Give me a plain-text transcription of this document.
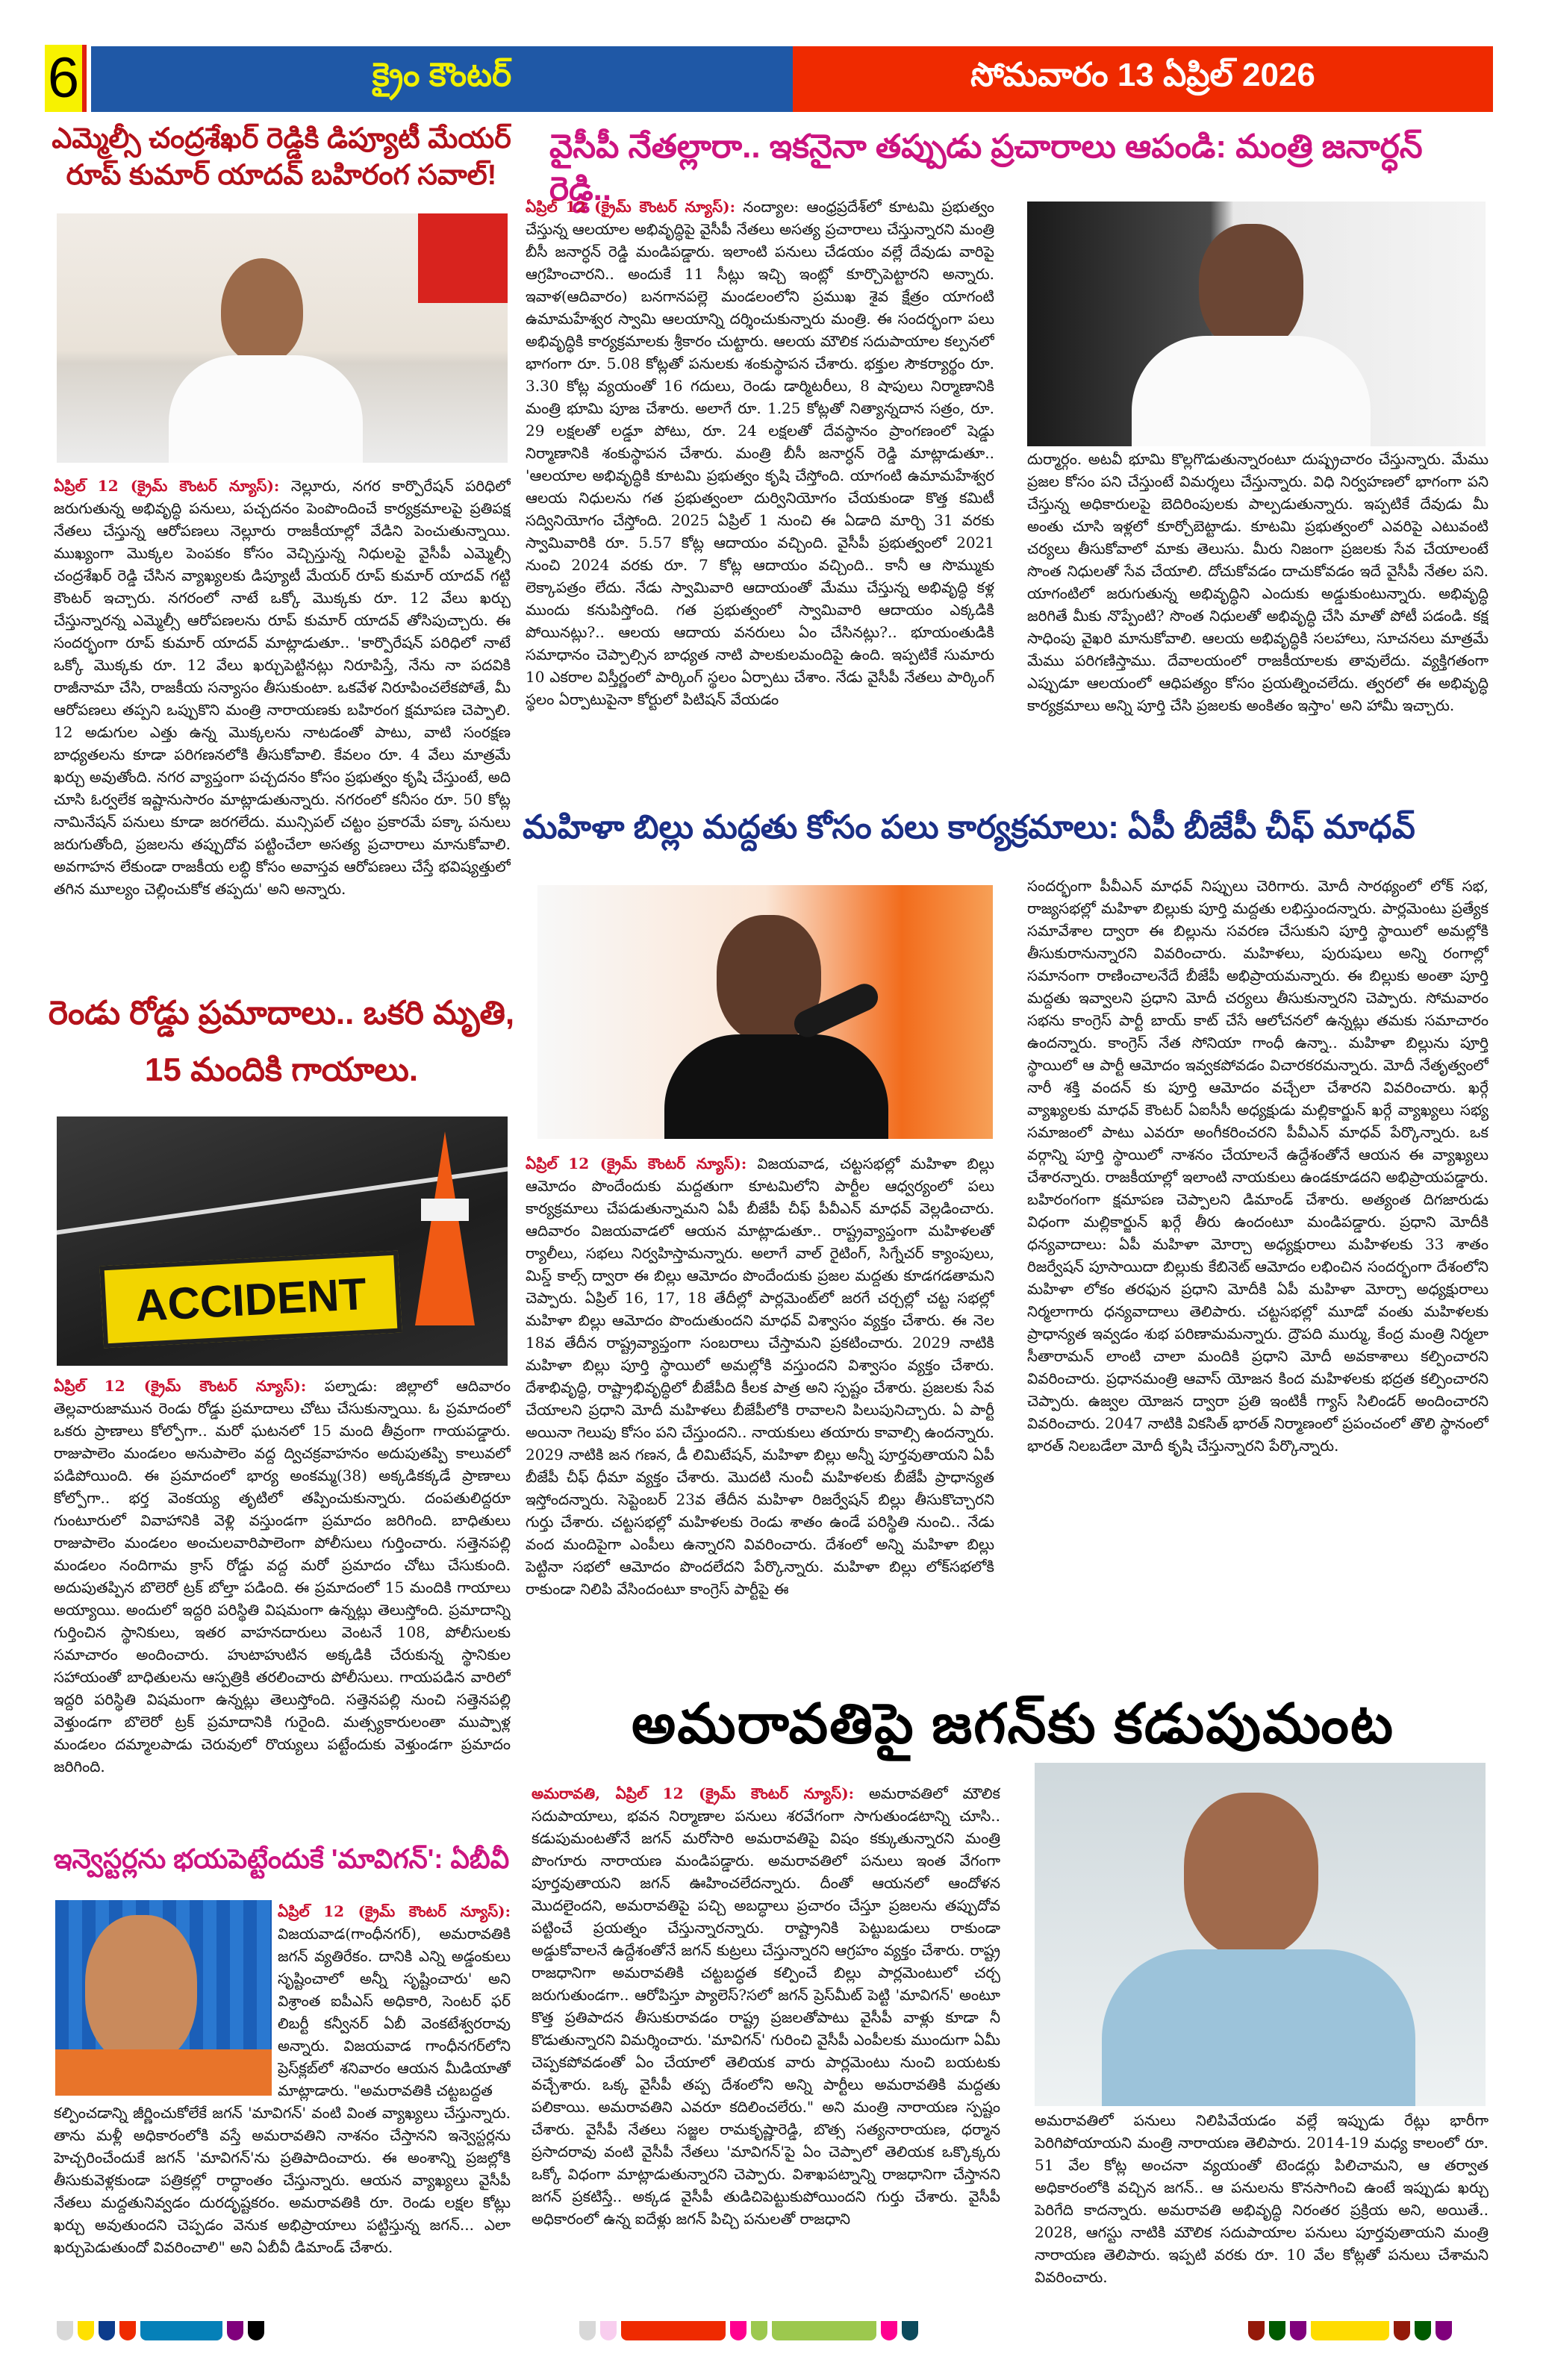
6	క్రైం కౌంటర్	సోమవారం 13 ఏప్రిల్ 2026
ఎమ్మెల్సీ చంద్రశేఖర్ రెడ్డికి డిప్యూటీ మేయర్ రూప్ కుమార్ యాదవ్ బహిరంగ సవాల్!

ఏప్రిల్ 12 (క్రైమ్ కౌంటర్ న్యూస్): నెల్లూరు, నగర కార్పొరేషన్ పరిధిలో జరుగుతున్న అభివృద్ధి పనులు, పచ్చదనం పెంపొందించే కార్యక్రమాలపై ప్రతిపక్ష నేతలు చేస్తున్న ఆరోపణలు నెల్లూరు రాజకీయాల్లో వేడిని పెంచుతున్నాయి. ముఖ్యంగా మొక్కల పెంపకం కోసం వెచ్చిస్తున్న నిధులపై వైసీపీ ఎమ్మెల్సీ చంద్రశేఖర్ రెడ్డి చేసిన వ్యాఖ్యలకు డిప్యూటీ మేయర్ రూప్ కుమార్ యాదవ్ గట్టి కౌంటర్ ఇచ్చారు. నగరంలో నాటే ఒక్కో మొక్కకు రూ. 12 వేలు ఖర్చు చేస్తున్నారన్న ఎమ్మెల్సీ ఆరోపణలను రూప్ కుమార్ యాదవ్ తోసిపుచ్చారు. ఈ సందర్భంగా రూప్ కుమార్ యాదవ్ మాట్లాడుతూ.. 'కార్పొరేషన్ పరిధిలో నాటే ఒక్కో మొక్కకు రూ. 12 వేలు ఖర్చుపెట్టినట్లు నిరూపిస్తే, నేను నా పదవికి రాజీనామా చేసి, రాజకీయ సన్యాసం తీసుకుంటా. ఒకవేళ నిరూపించలేకపోతే, మీ ఆరోపణలు తప్పని ఒప్పుకొని మంత్రి నారాయణకు బహిరంగ క్షమాపణ చెప్పాలి. 12 అడుగుల ఎత్తు ఉన్న మొక్కలను నాటడంతో పాటు, వాటి సంరక్షణ బాధ్యతలను కూడా పరిగణనలోకి తీసుకోవాలి. కేవలం రూ. 4 వేలు మాత్రమే ఖర్చు అవుతోంది. నగర వ్యాప్తంగా పచ్చదనం కోసం ప్రభుత్వం కృషి చేస్తుంటే, అది చూసి ఓర్వలేక ఇష్టానుసారం మాట్లాడుతున్నారు. నగరంలో కనీసం రూ. 50 కోట్ల నామినేషన్ పనులు కూడా జరగలేదు. మున్సిపల్ చట్టం ప్రకారమే పక్కా పనులు జరుగుతోంది, ప్రజలను తప్పుదోవ పట్టించేలా అసత్య ప్రచారాలు మానుకోవాలి. అవగాహన లేకుండా రాజకీయ లబ్ధి కోసం అవాస్తవ ఆరోపణలు చేస్తే భవిష్యత్తులో తగిన మూల్యం చెల్లించుకోక తప్పదు' అని అన్నారు.

రెండు రోడ్డు ప్రమాదాలు.. ఒకరి మృతి, 15 మందికి గాయాలు.
ACCIDENT

ఏప్రిల్ 12 (క్రైమ్ కౌంటర్ న్యూస్): పల్నాడు: జిల్లాలో ఆదివారం తెల్లవారుజామున రెండు రోడ్డు ప్రమాదాలు చోటు చేసుకున్నాయి. ఓ ప్రమాదంలో ఒకరు ప్రాణాలు కోల్పోగా.. మరో ఘటనలో 15 మంది తీవ్రంగా గాయపడ్డారు. రాజుపాలెం మండలం అనుపాలెం వద్ద ద్విచక్రవాహనం అదుపుతప్పి కాలువలో పడిపోయింది. ఈ ప్రమాదంలో భార్య అంకమ్మ(38) అక్కడికక్కడే ప్రాణాలు కోల్పోగా.. భర్త వెంకయ్య తృటిలో తప్పించుకున్నారు. దంపతులిద్దరూ గుంటూరులో వివాహానికి వెళ్లి వస్తుండగా ప్రమాదం జరిగింది. బాధితులు రాజుపాలెం మండలం అంచులవారిపాలెంగా పోలీసులు గుర్తించారు. సత్తెనపల్లి మండలం నందిగామ క్రాస్ రోడ్డు వద్ద మరో ప్రమాదం చోటు చేసుకుంది. అదుపుతప్పిన బొలెరో ట్రక్ బోల్తా పడింది. ఈ ప్రమాదంలో 15 మందికి గాయాలు అయ్యాయి. అందులో ఇద్దరి పరిస్థితి విషమంగా ఉన్నట్లు తెలుస్తోంది. ప్రమాదాన్ని గుర్తించిన స్థానికులు, ఇతర వాహనదారులు వెంటనే 108, పోలీసులకు సమాచారం అందించారు. హుటాహుటిన అక్కడికి చేరుకున్న స్థానికుల సహాయంతో బాధితులను ఆస్పత్రికి తరలించారు పోలీసులు. గాయపడిన వారిలో ఇద్దరి పరిస్థితి విషమంగా ఉన్నట్లు తెలుస్తోంది. సత్తెనపల్లి నుంచి సత్తెనపల్లి వెళ్తుండగా బొలెరో ట్రక్ ప్రమాదానికి గురైంది. మత్స్యకారులంతా ముప్పాళ్ల మండలం దమ్మాలపాడు చెరువులో రొయ్యలు పట్టేందుకు వెళ్తుండగా ప్రమాదం జరిగింది.

ఇన్వెస్టర్లను భయపెట్టేందుకే 'మావిగన్': ఏబీవీ

ఏప్రిల్ 12 (క్రైమ్ కౌంటర్ న్యూస్): విజయవాడ(గాంధీనగర్), అమరావతికి జగన్ వ్యతిరేకం. దానికి ఎన్ని అడ్డంకులు సృష్టించాలో అన్నీ సృష్టించారు' అని విశ్రాంత ఐపీఎస్ అధికారి, సెంటర్ ఫర్ లిబర్టీ కన్వీనర్ ఏబీ వెంకటేశ్వరరావు అన్నారు. విజయవాడ గాంధీనగర్‌లోని ప్రెస్‌క్లబ్‌లో శనివారం ఆయన మీడియాతో మాట్లాడారు. "అమరావతికి చట్టబద్ధత

కల్పించడాన్ని జీర్ణించుకోలేకే జగన్ 'మావిగన్' వంటి వింత వ్యాఖ్యలు చేస్తున్నారు. తాను మళ్లీ అధికారంలోకి వస్తే అమరావతిని నాశనం చేస్తానని ఇన్వెస్టర్లను హెచ్చరించేందుకే జగన్ 'మావిగన్'ను ప్రతిపాదించారు. ఈ అంశాన్ని ప్రజల్లోకి తీసుకువెళ్లకుండా పత్రికల్లో రాద్ధాంతం చేస్తున్నారు. ఆయన వ్యాఖ్యలు వైసీపీ నేతలు మద్దతునివ్వడం దురదృష్టకరం. అమరావతికి రూ. రెండు లక్షల కోట్లు ఖర్చు అవుతుందని చెప్పడం వెనుక అభిప్రాయాలు పట్టిస్తున్న జగన్... ఎలా ఖర్చుపెడుతుందో వివరించాలి" అని ఏబీవీ డిమాండ్ చేశారు.

వైసీపీ నేతల్లారా.. ఇకనైనా తప్పుడు ప్రచారాలు ఆపండి: మంత్రి జనార్ధన్ రెడ్డి..

ఏప్రిల్ 12 (క్రైమ్ కౌంటర్ న్యూస్): నంద్యాల: ఆంధ్రప్రదేశ్‌లో కూటమి ప్రభుత్వం చేస్తున్న ఆలయాల అభివృద్ధిపై వైసీపీ నేతలు అసత్య ప్రచారాలు చేస్తున్నారని మంత్రి బీసీ జనార్ధన్ రెడ్డి మండిపడ్డారు. ఇలాంటి పనులు చేడయం వల్లే దేవుడు వారిపై ఆగ్రహించారని.. అందుకే 11 సీట్లు ఇచ్చి ఇంట్లో కూర్చొపెట్టారని అన్నారు. ఇవాళ(ఆదివారం) బనగానపల్లె మండలంలోని ప్రముఖ శైవ క్షేత్రం యాగంటి ఉమామహేశ్వర స్వామి ఆలయాన్ని దర్శించుకున్నారు మంత్రి. ఈ సందర్భంగా పలు అభివృద్ధికి కార్యక్రమాలకు శ్రీకారం చుట్టారు. ఆలయ మౌలిక సదుపాయాల కల్పనలో భాగంగా రూ. 5.08 కోట్లతో పనులకు శంకుస్థాపన చేశారు. భక్తుల సౌకర్యార్థం రూ. 3.30 కోట్ల వ్యయంతో 16 గదులు, రెండు డార్మిటరీలు, 8 షాపులు నిర్మాణానికి మంత్రి భూమి పూజ చేశారు. అలాగే రూ. 1.25 కోట్లతో నిత్యాన్నదాన సత్రం, రూ. 29 లక్షలతో లడ్డూ పోటు, రూ. 24 లక్షలతో దేవస్థానం ప్రాంగణంలో షెడ్డు నిర్మాణానికి శంకుస్థాపన చేశారు. మంత్రి బీసీ జనార్ధన్ రెడ్డి మాట్లాడుతూ.. 'ఆలయాల అభివృద్ధికి కూటమి ప్రభుత్వం కృషి చేస్తోంది. యాగంటి ఉమామహేశ్వర ఆలయ నిధులను గత ప్రభుత్వంలా దుర్వినియోగం చేయకుండా కొత్త కమిటీ సద్వినియోగం చేస్తోంది. 2025 ఏప్రిల్ 1 నుంచి ఈ ఏడాది మార్చి 31 వరకు స్వామివారికి రూ. 5.57 కోట్ల ఆదాయం వచ్చింది. వైసీపీ ప్రభుత్వంలో 2021 నుంచి 2024 వరకు రూ. 7 కోట్ల ఆదాయం వచ్చింది.. కానీ ఆ సొమ్ముకు లెక్కాపత్రం లేదు. నేడు స్వామివారి ఆదాయంతో మేము చేస్తున్న అభివృద్ధి కళ్ల ముందు కనుపిస్తోంది. గత ప్రభుత్వంలో స్వామివారి ఆదాయం ఎక్కడికి పోయినట్లు?.. ఆలయ ఆదాయ వనరులు ఏం చేసినట్లు?.. భూయంతుడికి సమాధానం చెప్పాల్సిన బాధ్యత నాటి పాలకులమందిపై ఉంది. ఇప్పటికే సుమారు 10 ఎకరాల విస్తీర్ణంలో పార్కింగ్ స్థలం ఏర్పాటు చేశాం. నేడు వైసీపీ నేతలు పార్కింగ్ స్థలం ఏర్పాటుపైనా కోర్టులో పిటిషన్ వేయడం

దుర్మార్గం. అటవీ భూమి కొల్లగొడుతున్నారంటూ దుష్ప్రచారం చేస్తున్నారు. మేము ప్రజల కోసం పని చేస్తుంటే విమర్శలు చేస్తున్నారు. విధి నిర్వహణలో భాగంగా పని చేస్తున్న అధికారులపై బెదిరింపులకు పాల్పడుతున్నారు. ఇప్పటికే దేవుడు మీ అంతు చూసి ఇళ్లలో కూర్చోబెట్టాడు. కూటమి ప్రభుత్వంలో ఎవరిపై ఎటువంటి చర్యలు తీసుకోవాలో మాకు తెలుసు. మీరు నిజంగా ప్రజలకు సేవ చేయాలంటే సొంత నిధులతో సేవ చేయాలి. దోచుకోవడం దాచుకోవడం ఇదే వైసీపీ నేతల పని. యాగంటిలో జరుగుతున్న అభివృద్ధిని ఎందుకు అడ్డుకుంటున్నారు. అభివృద్ధి జరిగితే మీకు నొప్పేంటి? సొంత నిధులతో అభివృద్ధి చేసి మాతో పోటీ పడండి. కక్ష సాధింపు వైఖరి మానుకోవాలి. ఆలయ అభివృద్ధికి సలహాలు, సూచనలు మాత్రమే మేము పరిగణిస్తాము. దేవాలయంలో రాజకీయాలకు తావులేదు. వ్యక్తిగతంగా ఎప్పుడూ ఆలయంలో ఆధిపత్యం కోసం ప్రయత్నించలేదు. త్వరలో ఈ అభివృద్ధి కార్యక్రమాలు అన్ని పూర్తి చేసి ప్రజలకు అంకితం ఇస్తాం' అని హామీ ఇచ్చారు.

మహిళా బిల్లు మద్దతు కోసం పలు కార్యక్రమాలు: ఏపీ బీజేపీ చీఫ్ మాధవ్

ఏప్రిల్ 12 (క్రైమ్ కౌంటర్ న్యూస్): విజయవాడ, చట్టసభల్లో మహిళా బిల్లు ఆమోదం పొందేందుకు మద్దతుగా కూటమిలోని పార్టీల ఆధ్వర్యంలో పలు కార్యక్రమాలు చేపడుతున్నామని ఏపీ బీజేపీ చీఫ్ పీవీఎన్ మాధవ్ వెల్లడించారు. ఆదివారం విజయవాడలో ఆయన మాట్లాడుతూ.. రాష్ట్రవ్యాప్తంగా మహిళలతో ర్యాలీలు, సభలు నిర్వహిస్తామన్నారు. అలాగే వాల్ రైటింగ్, సిగ్నేచర్ క్యాంపులు, మిస్డ్ కాల్స్ ద్వారా ఈ బిల్లు ఆమోదం పొందేందుకు ప్రజల మద్దతు కూడగడతామని చెప్పారు. ఏప్రిల్ 16, 17, 18 తేదీల్లో పార్లమెంట్‌లో జరగే చర్చల్లో చట్ట సభల్లో మహిళా బిల్లు ఆమోదం పొందుతుందని మాధవ్ విశ్వాసం వ్యక్తం చేశారు. ఈ నెల 18వ తేదీన రాష్ట్రవ్యాప్తంగా సంబరాలు చేస్తామని ప్రకటించారు. 2029 నాటికి మహిళా బిల్లు పూర్తి స్థాయిలో అమల్లోకి వస్తుందని విశ్వాసం వ్యక్తం చేశారు. దేశాభివృద్ధి, రాష్ట్రాభివృద్ధిలో బీజేపీది కీలక పాత్ర అని స్పష్టం చేశారు. ప్రజలకు సేవ చేయాలని ప్రధాని మోదీ మహిళలు బీజేపీలోకి రావాలని పిలుపునిచ్చారు. ఏ పార్టీ అయినా గెలుపు కోసం పని చేస్తుందని.. నాయకులు తయారు కావాల్సి ఉందన్నారు. 2029 నాటికి జన గణన, డీ లిమిటేషన్, మహిళా బిల్లు అన్నీ పూర్తవుతాయని ఏపీ బీజేపీ చీఫ్ ధీమా వ్యక్తం చేశారు. మొదటి నుంచీ మహిళలకు బీజేపీ ప్రాధాన్యత ఇస్తోందన్నారు. సెప్టెంబర్ 23వ తేదీన మహిళా రిజర్వేషన్ బిల్లు తీసుకొచ్చారని గుర్తు చేశారు. చట్టసభల్లో మహిళలకు రెండు శాతం ఉండే పరిస్థితి నుంచి.. నేడు వంద మందిపైగా ఎంపీలు ఉన్నారని వివరించారు. దేశంలో అన్ని మహిళా బిల్లు పెట్టినా సభలో ఆమోదం పొందలేదని పేర్కొన్నారు. మహిళా బిల్లు లోక్‌సభలోకి రాకుండా నిలిపి వేసిందంటూ కాంగ్రెస్ పార్టీపై ఈ

సందర్భంగా పీవీఎన్ మాధవ్ నిప్పులు చెరిగారు. మోదీ సారథ్యంలో లోక్ సభ, రాజ్యసభల్లో మహిళా బిల్లుకు పూర్తి మద్దతు లభిస్తుందన్నారు. పార్లమెంటు ప్రత్యేక సమావేశాల ద్వారా ఈ బిల్లును సవరణ చేసుకుని పూర్తి స్థాయిలో అమల్లోకి తీసుకురానున్నారని వివరించారు. మహిళలు, పురుషులు అన్ని రంగాల్లో సమానంగా రాణించాలనేదే బీజేపీ అభిప్రాయమన్నారు. ఈ బిల్లుకు అంతా పూర్తి మద్దతు ఇవ్వాలని ప్రధాని మోదీ చర్యలు తీసుకున్నారని చెప్పారు. సోమవారం సభను కాంగ్రెస్ పార్టీ బాయ్ కాట్ చేసే ఆలోచనలో ఉన్నట్లు తమకు సమాచారం ఉందన్నారు. కాంగ్రెస్ నేత సోనియా గాంధీ ఉన్నా.. మహిళా బిల్లును పూర్తి స్థాయిలో ఆ పార్టీ ఆమోదం ఇవ్వకపోవడం విచారకరమన్నారు. మోదీ నేతృత్వంలో నారీ శక్తి వందన్ కు పూర్తి ఆమోదం వచ్చేలా చేశారని వివరించారు. ఖర్గే వ్యాఖ్యలకు మాధవ్ కౌంటర్ ఏఐసీసీ అధ్యక్షుడు మల్లికార్జున్ ఖర్గే వ్యాఖ్యలు సభ్య సమాజంలో పాటు ఎవరూ అంగీకరించరని పీవీఎన్ మాధవ్ పేర్కొన్నారు. ఒక వర్గాన్ని పూర్తి స్థాయిలో నాశనం చేయాలనే ఉద్దేశంతోనే ఆయన ఈ వ్యాఖ్యలు చేశారన్నారు. రాజకీయాల్లో ఇలాంటి నాయకులు ఉండకూడదని అభిప్రాయపడ్డారు. బహిరంగంగా క్షమాపణ చెప్పాలని డిమాండ్ చేశారు. అత్యంత దిగజారుడు విధంగా మల్లికార్జున్ ఖర్గే తీరు ఉందంటూ మండిపడ్డారు. ప్రధాని మోదీకి ధన్యవాదాలు: ఏపీ మహిళా మోర్చా అధ్యక్షురాలు మహిళలకు 33 శాతం రిజర్వేషన్ పూసాయిదా బిల్లుకు కేబినెట్ ఆమోదం లభించిన సందర్భంగా దేశంలోని మహిళా లోకం తరఫున ప్రధాని మోదీకి ఏపీ మహిళా మోర్చా అధ్యక్షురాలు నిర్మలాగారు ధన్యవాదాలు తెలిపారు. చట్టసభల్లో మూడో వంతు మహిళలకు ప్రాధాన్యత ఇవ్వడం శుభ పరిణామమన్నారు. ద్రౌపది ముర్ము, కేంద్ర మంత్రి నిర్మలా సీతారామన్ లాంటి చాలా మందికి ప్రధాని మోదీ అవకాశాలు కల్పించారని వివరించారు. ప్రధానమంత్రి ఆవాస్ యోజన కింద మహిళలకు భద్రత కల్పించారని చెప్పారు. ఉజ్వల యోజన ద్వారా ప్రతి ఇంటికీ గ్యాస్ సిలిండర్ అందించారని వివరించారు. 2047 నాటికి వికసిత్ భారత్ నిర్మాణంలో ప్రపంచంలో తొలి స్థానంలో భారత్ నిలబడేలా మోదీ కృషి చేస్తున్నారని పేర్కొన్నారు.

అమరావతిపై జగన్‌కు కడుపుమంట

అమరావతి, ఏప్రిల్ 12 (క్రైమ్ కౌంటర్ న్యూస్): అమరావతిలో మౌలిక సదుపాయాలు, భవన నిర్మాణాల పనులు శరవేగంగా సాగుతుండటాన్ని చూసి.. కడుపుమంటతోనే జగన్ మరోసారి అమరావతిపై విషం కక్కుతున్నారని మంత్రి పొంగూరు నారాయణ మండిపడ్డారు. అమరావతిలో పనులు ఇంత వేగంగా పూర్తవుతాయని జగన్ ఊహించలేదన్నారు. దీంతో ఆయనలో ఆందోళన మొదలైందని, అమరావతిపై పచ్చి అబద్ధాలు ప్రచారం చేస్తూ ప్రజలను తప్పుదోవ పట్టించే ప్రయత్నం చేస్తున్నారన్నారు. రాష్ట్రానికి పెట్టుబడులు రాకుండా అడ్డుకోవాలనే ఉద్దేశంతోనే జగన్ కుట్రలు చేస్తున్నారని ఆగ్రహం వ్యక్తం చేశారు. రాష్ట్ర రాజధానిగా అమరావతికి చట్టబద్ధత కల్పించే బిల్లు పార్లమెంటులో చర్చ జరుగుతుండగా.. ఆరోపిస్తూ ప్యాలెస్?సలో జగన్ ప్రెస్‌మీట్ పెట్టి 'మావిగన్' అంటూ కొత్త ప్రతిపాదన తీసుకురావడం రాష్ట్ర ప్రజలతోపాటు వైసీపీ వాళ్లు కూడా నీ కొడుతున్నారని విమర్శించారు. 'మావిగన్' గురించి వైసీపీ ఎంపీలకు ముందుగా ఏమీ చెప్పకపోవడంతో ఏం చేయాలో తెలియక వారు పార్లమెంటు నుంచి బయటకు వచ్చేశారు. ఒక్క వైసీపీ తప్ప దేశంలోని అన్ని పార్టీలు అమరావతికి మద్దతు పలికాయి. అమరావతిని ఎవరూ కదిలించలేరు." అని మంత్రి నారాయణ స్పష్టం చేశారు. వైసీపీ నేతలు సజ్జల రామకృష్ణారెడ్డి, బొత్స సత్యనారాయణ, ధర్మాన ప్రసాదరావు వంటి వైసీపీ నేతలు 'మావిగన్'పై ఏం చెప్పాలో తెలియక ఒక్కొక్కరు ఒక్కో విధంగా మాట్లాడుతున్నారని చెప్పారు. విశాఖపట్నాన్ని రాజధానిగా చేస్తానని జగన్ ప్రకటిస్తే.. అక్కడ వైసీపీ తుడిచిపెట్టుకుపోయిందని గుర్తు చేశారు. వైసీపీ అధికారంలో ఉన్న ఐదేళ్లు జగన్ పిచ్చి పనులతో రాజధాని

అమరావతిలో పనులు నిలిపివేయడం వల్లే ఇప్పుడు రేట్లు భారీగా పెరిగిపోయాయని మంత్రి నారాయణ తెలిపారు. 2014-19 మధ్య కాలంలో రూ. 51 వేల కోట్ల అంచనా వ్యయంతో టెండర్లు పిలిచామని, ఆ తర్వాత అధికారంలోకి వచ్చిన జగన్.. ఆ పనులను కొనసాగించి ఉంటే ఇప్పుడు ఖర్చు పెరిగేది కాదన్నారు. అమరావతి అభివృద్ధి నిరంతర ప్రక్రియ అని, అయితే.. 2028, ఆగస్టు నాటికి మౌలిక సదుపాయాల పనులు పూర్తవుతాయని మంత్రి నారాయణ తెలిపారు. ఇప్పటి వరకు రూ. 10 వేల కోట్లతో పనులు చేశామని వివరించారు.
